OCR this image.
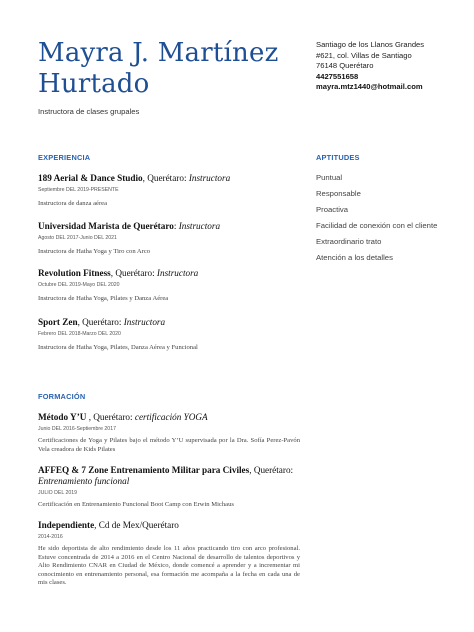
Mayra J. Martínez Hurtado
Instructora de clases grupales
Santiago de los Llanos Grandes
#621, col. Villas de Santiago
76148 Querétaro
4427551658
mayra.mtz1440@hotmail.com
EXPERIENCIA
189 Aerial & Dance Studio, Querétaro: Instructora
Septiembre DEL 2019-PRESENTE
Instructora de danza aérea
Universidad Marista de Querétaro: Instructora
Agosto DEL 2017-Junio DEL 2021
Instructora de Hatha Yoga y Tiro con Arco
Revolution Fitness, Querétaro: Instructora
Octubre DEL 2019-Mayo DEL 2020
Instructora de Hatha Yoga, Pilates y Danza Aérea
Sport Zen, Querétaro: Instructora
Febrero DEL 2018-Marzo DEL 2020
Instructora de Hatha Yoga, Pilates, Danza Aérea y Funcional
APTITUDES
Puntual
Responsable
Proactiva
Facilidad de conexión con el cliente
Extraordinario trato
Atención a los detalles
FORMACIÓN
Método Y’U , Querétaro: certificación YOGA
Junio DEL 2016-Septiembre 2017
Certificaciones de Yoga y Pilates bajo el método Y’U supervisada por la Dra. Sofía Perez-Pavón Vela creadora de Kids Pilates
AFFEQ & 7 Zone Entrenamiento Militar para Civiles, Querétaro: Entrenamiento funcional
JULIO DEL 2019
Certificación en Entrenamiento Funcional Boot Camp con Erwin Michaus
Independiente, Cd de Mex/Querétaro
2014-2016
He sido deportista de alto rendimiento desde los 11 años practicando tiro con arco profesional. Estuve concentrada de 2014 a 2016 en el Centro Nacional de desarrollo de talentos deportivos y Alto Rendimiento CNAR en Ciudad de México, donde comencé a aprender y a incrementar mi conocimiento en entrenamiento personal, esa formación me acompaña a la fecha en cada una de mis clases.
